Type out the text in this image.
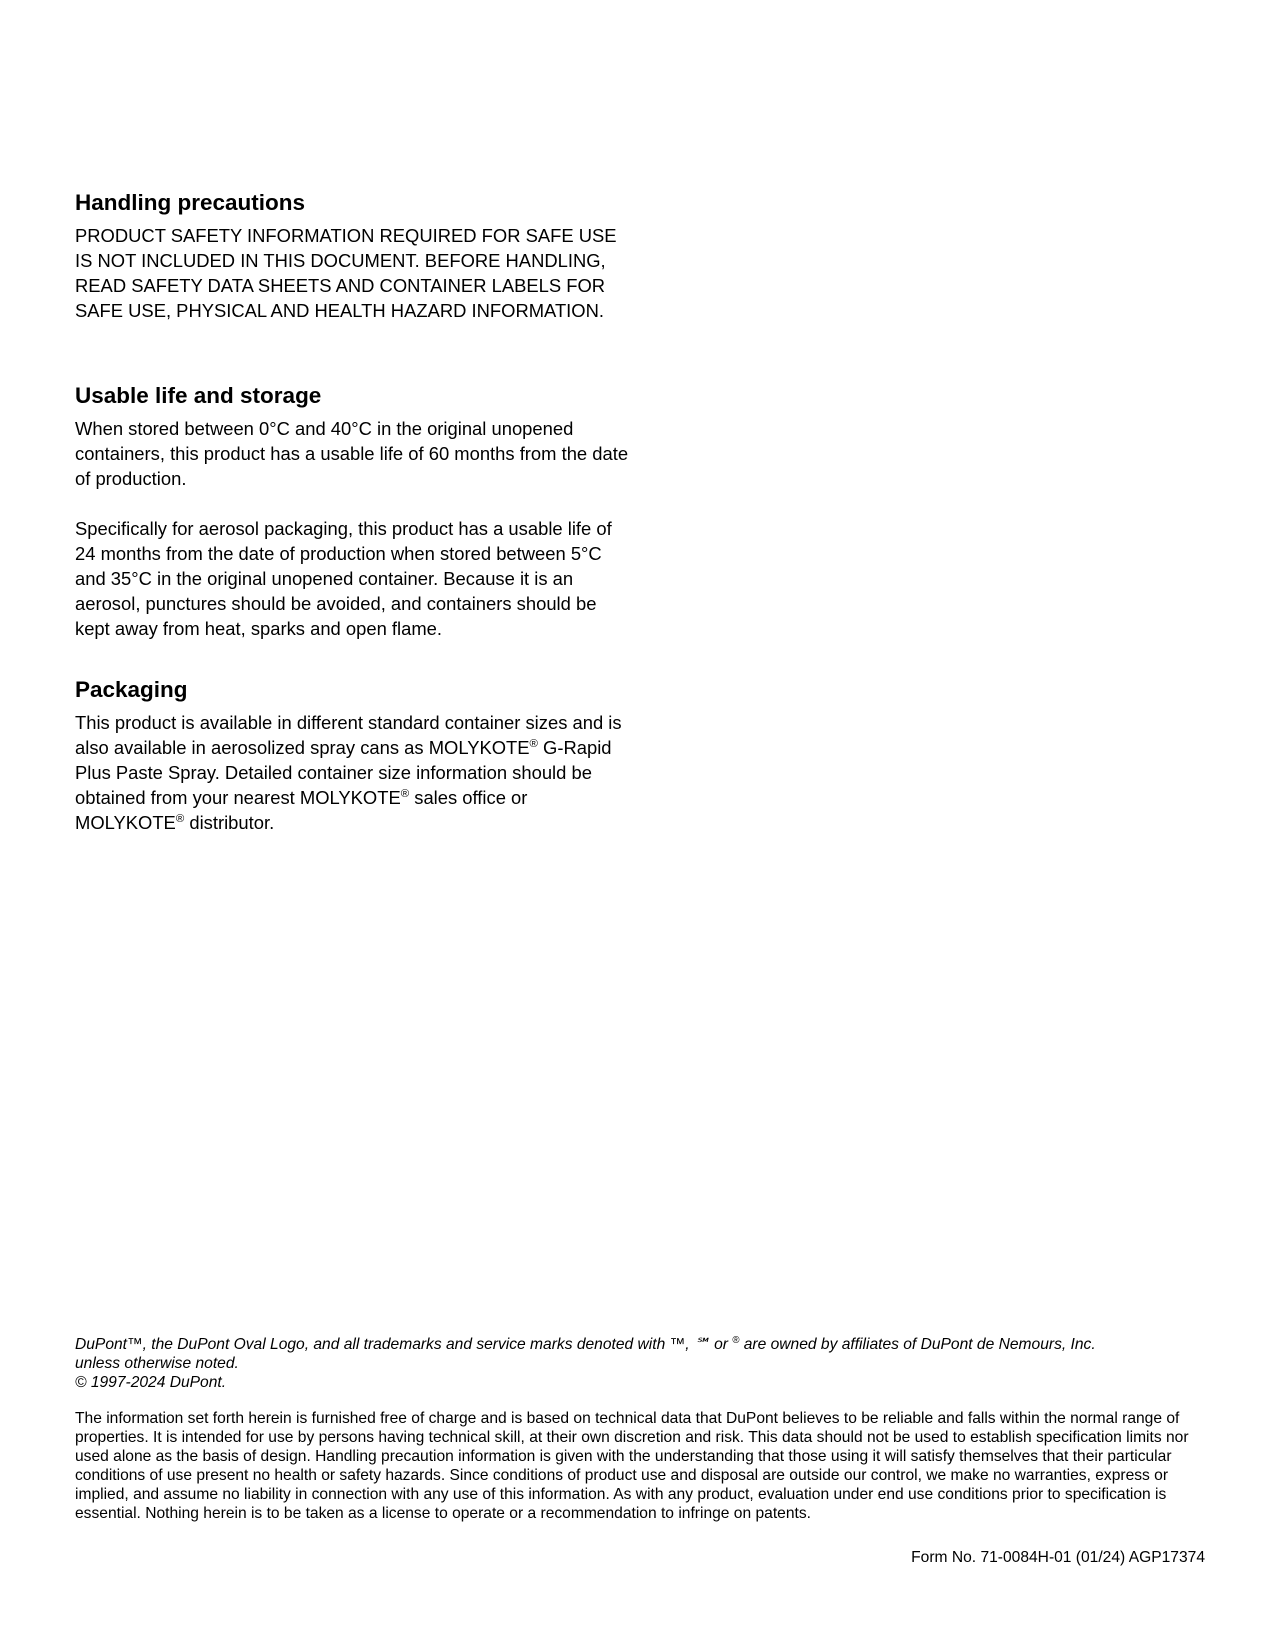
Handling precautions

PRODUCT SAFETY INFORMATION REQUIRED FOR SAFE USE IS NOT INCLUDED IN THIS DOCUMENT. BEFORE HANDLING, READ SAFETY DATA SHEETS AND CONTAINER LABELS FOR SAFE USE, PHYSICAL AND HEALTH HAZARD INFORMATION.

Usable life and storage

When stored between 0°C and 40°C in the original unopened containers, this product has a usable life of 60 months from the date of production.

Specifically for aerosol packaging, this product has a usable life of 24 months from the date of production when stored between 5°C and 35°C in the original unopened container. Because it is an aerosol, punctures should be avoided, and containers should be kept away from heat, sparks and open flame.

Packaging

This product is available in different standard container sizes and is also available in aerosolized spray cans as MOLYKOTE® G-Rapid Plus Paste Spray. Detailed container size information should be obtained from your nearest MOLYKOTE® sales office or MOLYKOTE® distributor.

DuPont™, the DuPont Oval Logo, and all trademarks and service marks denoted with ™, ℠ or ® are owned by affiliates of DuPont de Nemours, Inc.
unless otherwise noted.
© 1997-2024 DuPont.
The information set forth herein is furnished free of charge and is based on technical data that DuPont believes to be reliable and falls within the normal range of properties. It is intended for use by persons having technical skill, at their own discretion and risk. This data should not be used to establish specification limits nor used alone as the basis of design. Handling precaution information is given with the understanding that those using it will satisfy themselves that their particular conditions of use present no health or safety hazards. Since conditions of product use and disposal are outside our control, we make no warranties, express or implied, and assume no liability in connection with any use of this information. As with any product, evaluation under end use conditions prior to specification is essential. Nothing herein is to be taken as a license to operate or a recommendation to infringe on patents.
Form No. 71-0084H-01 (01/24) AGP17374
